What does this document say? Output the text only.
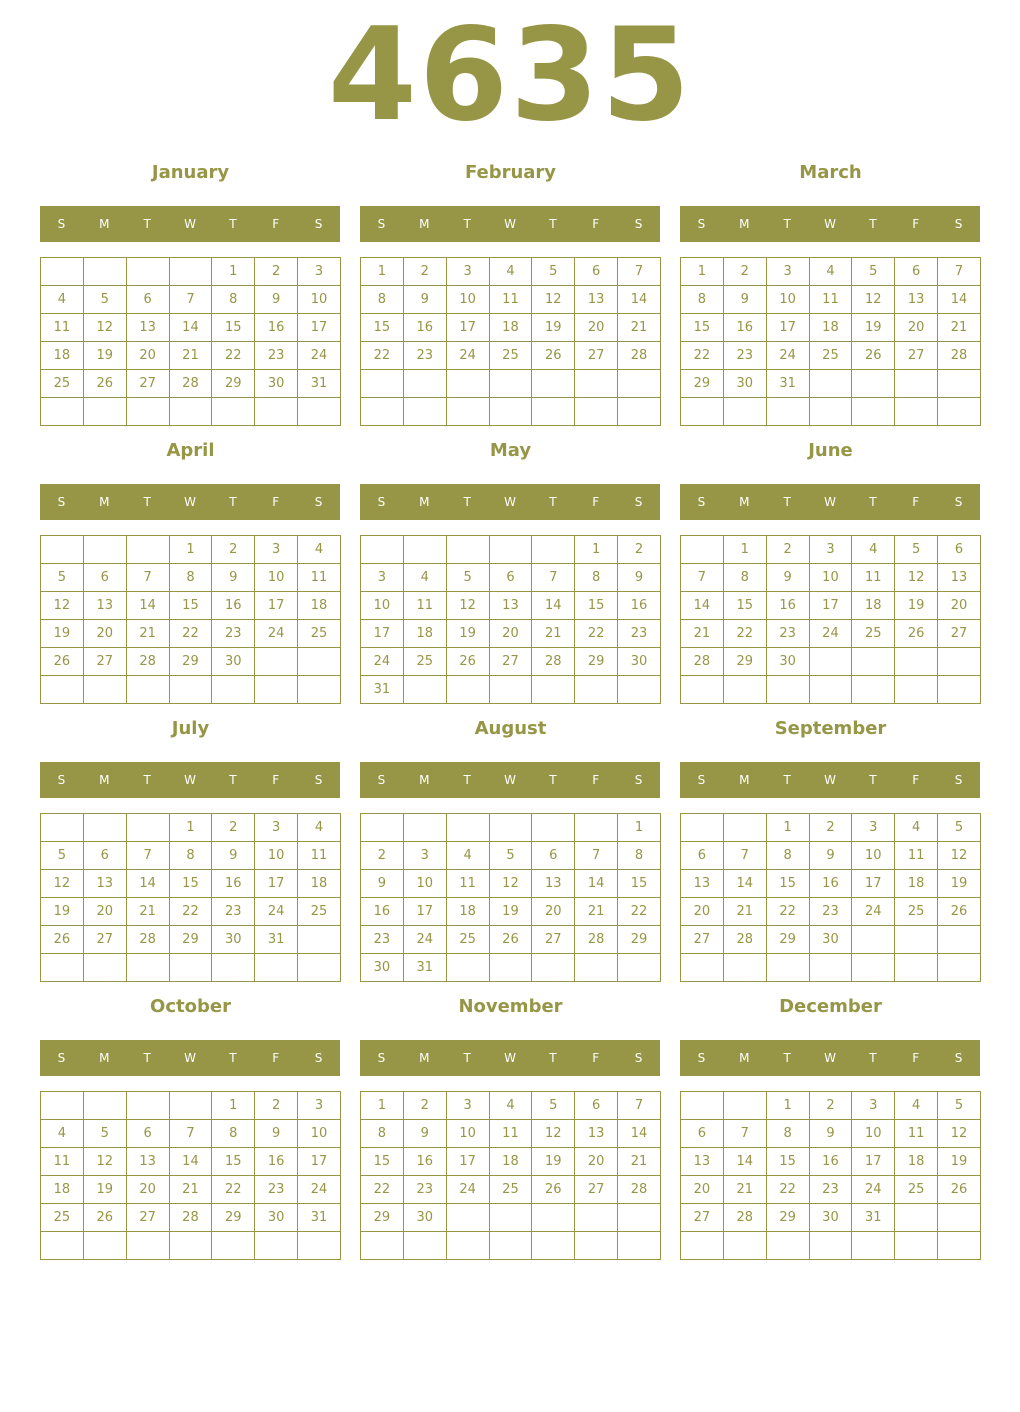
4635
January
S	M	T	W	T	F	S
				1	2	3
4	5	6	7	8	9	10
11	12	13	14	15	16	17
18	19	20	21	22	23	24
25	26	27	28	29	30	31

February
S	M	T	W	T	F	S
1	2	3	4	5	6	7
8	9	10	11	12	13	14
15	16	17	18	19	20	21
22	23	24	25	26	27	28

March
S	M	T	W	T	F	S
1	2	3	4	5	6	7
8	9	10	11	12	13	14
15	16	17	18	19	20	21
22	23	24	25	26	27	28
29	30	31				

April
S	M	T	W	T	F	S
			1	2	3	4
5	6	7	8	9	10	11
12	13	14	15	16	17	18
19	20	21	22	23	24	25
26	27	28	29	30		

May
S	M	T	W	T	F	S
					1	2
3	4	5	6	7	8	9
10	11	12	13	14	15	16
17	18	19	20	21	22	23
24	25	26	27	28	29	30
31						
June
S	M	T	W	T	F	S
	1	2	3	4	5	6
7	8	9	10	11	12	13
14	15	16	17	18	19	20
21	22	23	24	25	26	27
28	29	30				

July
S	M	T	W	T	F	S
			1	2	3	4
5	6	7	8	9	10	11
12	13	14	15	16	17	18
19	20	21	22	23	24	25
26	27	28	29	30	31	

August
S	M	T	W	T	F	S
						1
2	3	4	5	6	7	8
9	10	11	12	13	14	15
16	17	18	19	20	21	22
23	24	25	26	27	28	29
30	31					
September
S	M	T	W	T	F	S
		1	2	3	4	5
6	7	8	9	10	11	12
13	14	15	16	17	18	19
20	21	22	23	24	25	26
27	28	29	30			

October
S	M	T	W	T	F	S
				1	2	3
4	5	6	7	8	9	10
11	12	13	14	15	16	17
18	19	20	21	22	23	24
25	26	27	28	29	30	31

November
S	M	T	W	T	F	S
1	2	3	4	5	6	7
8	9	10	11	12	13	14
15	16	17	18	19	20	21
22	23	24	25	26	27	28
29	30					

December
S	M	T	W	T	F	S
		1	2	3	4	5
6	7	8	9	10	11	12
13	14	15	16	17	18	19
20	21	22	23	24	25	26
27	28	29	30	31		
